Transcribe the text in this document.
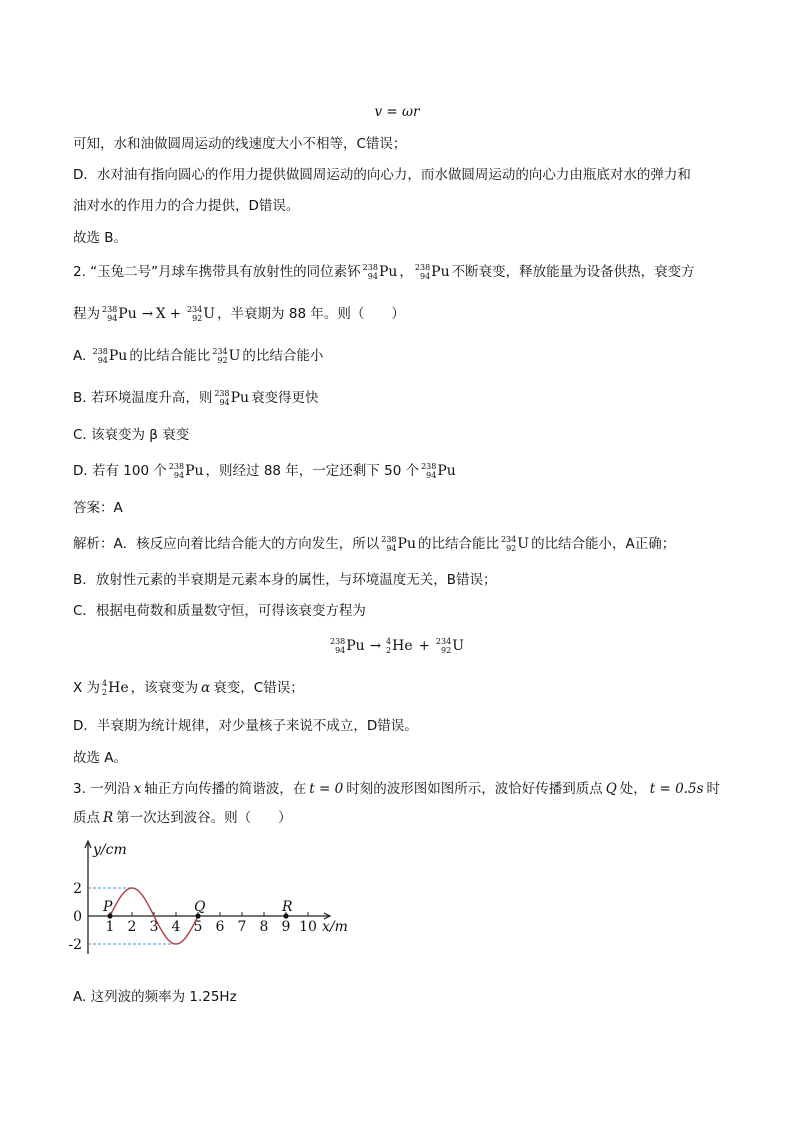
v = ωr
可知，水和油做圆周运动的线速度大小不相等，C错误；
D．水对油有指向圆心的作用力提供做圆周运动的向心力，而水做圆周运动的向心力由瓶底对水的弹力和
油对水的作用力的合力提供，D错误。
故选 B。
2. “玉兔二号”月球车携带具有放射性的同位素钚 238
94 Pu ， 238
94 Pu 不断衰变，释放能量为设备供热，衰变方
程为 238
94 Pu → X + 234
92 U ，半衰期为 88 年。则（　　）
A. 238
94 Pu 的比结合能比 234
92 U 的比结合能小
B. 若环境温度升高，则 238
94 Pu 衰变得更快
C. 该衰变为 β 衰变
D. 若有 100 个 238
94 Pu ，则经过 88 年，一定还剩下 50 个 238
94 Pu
答案：A
解析：A．核反应向着比结合能大的方向发生，所以 238
94 Pu 的比结合能比 234
92 U 的比结合能小，A正确；
B．放射性元素的半衰期是元素本身的属性，与环境温度无关，B错误；
C．根据电荷数和质量数守恒，可得该衰变方程为
238
94 Pu → 4
2 He + 234
92 U
X 为 4
2 He ，该衰变为 α 衰变，C错误；
D．半衰期为统计规律，对少量核子来说不成立，D错误。
故选 A。
3. 一列沿 x 轴正方向传播的简谐波，在 t = 0 时刻的波形图如图所示，波恰好传播到质点 Q 处， t = 0.5s 时
质点 R 第一次达到波谷。则（　　）
y/cm
x/m
1 2 3 4 5 6 7 8 9 10
2
0
-2
P	Q	R
A. 这列波的频率为 1.25Hz
